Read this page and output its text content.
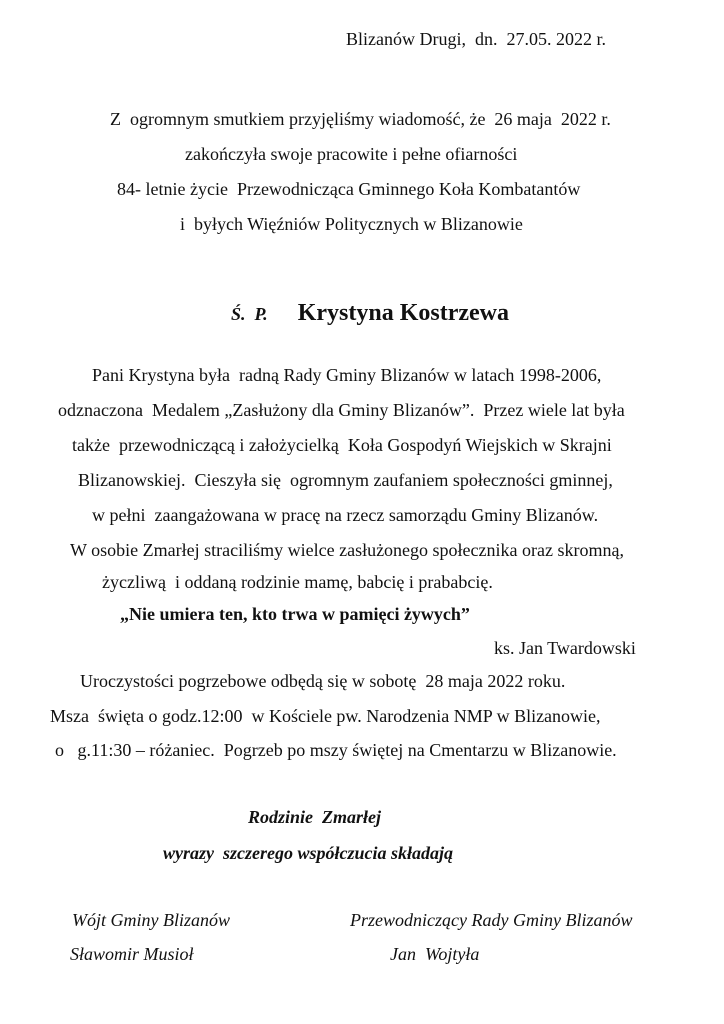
Blizanów Drugi,  dn.  27.05. 2022 r.
Z  ogromnym smutkiem przyjęliśmy wiadomość, że  26 maja  2022 r.
zakończyła swoje pracowite i pełne ofiarności
84- letnie życie  Przewodnicząca Gminnego Koła Kombatantów
i  byłych Więźniów Politycznych w Blizanowie

Ś.  P. Krystyna Kostrzewa

Pani Krystyna była  radną Rady Gminy Blizanów w latach 1998-2006,
odznaczona  Medalem „Zasłużony dla Gminy Blizanów”.  Przez wiele lat była
także  przewodniczącą i założycielką  Koła Gospodyń Wiejskich w Skrajni
Blizanowskiej.  Cieszyła się  ogromnym zaufaniem społeczności gminnej,
w pełni  zaangażowana w pracę na rzecz samorządu Gminy Blizanów.
W osobie Zmarłej straciliśmy wielce zasłużonego społecznika oraz skromną,
życzliwą  i oddaną rodzinie mamę, babcię i prababcię.
„Nie umiera ten, kto trwa w pamięci żywych”
ks. Jan Twardowski
Uroczystości pogrzebowe odbędą się w sobotę  28 maja 2022 roku.
Msza  święta o godz.12:00  w Kościele pw. Narodzenia NMP w Blizanowie,
o   g.11:30 – różaniec.  Pogrzeb po mszy świętej na Cmentarzu w Blizanowie.
Rodzinie  Zmarłej
wyrazy  szczerego współczucia składają
Wójt Gminy Blizanów
Sławomir Musioł
Przewodniczący Rady Gminy Blizanów
Jan  Wojtyła
